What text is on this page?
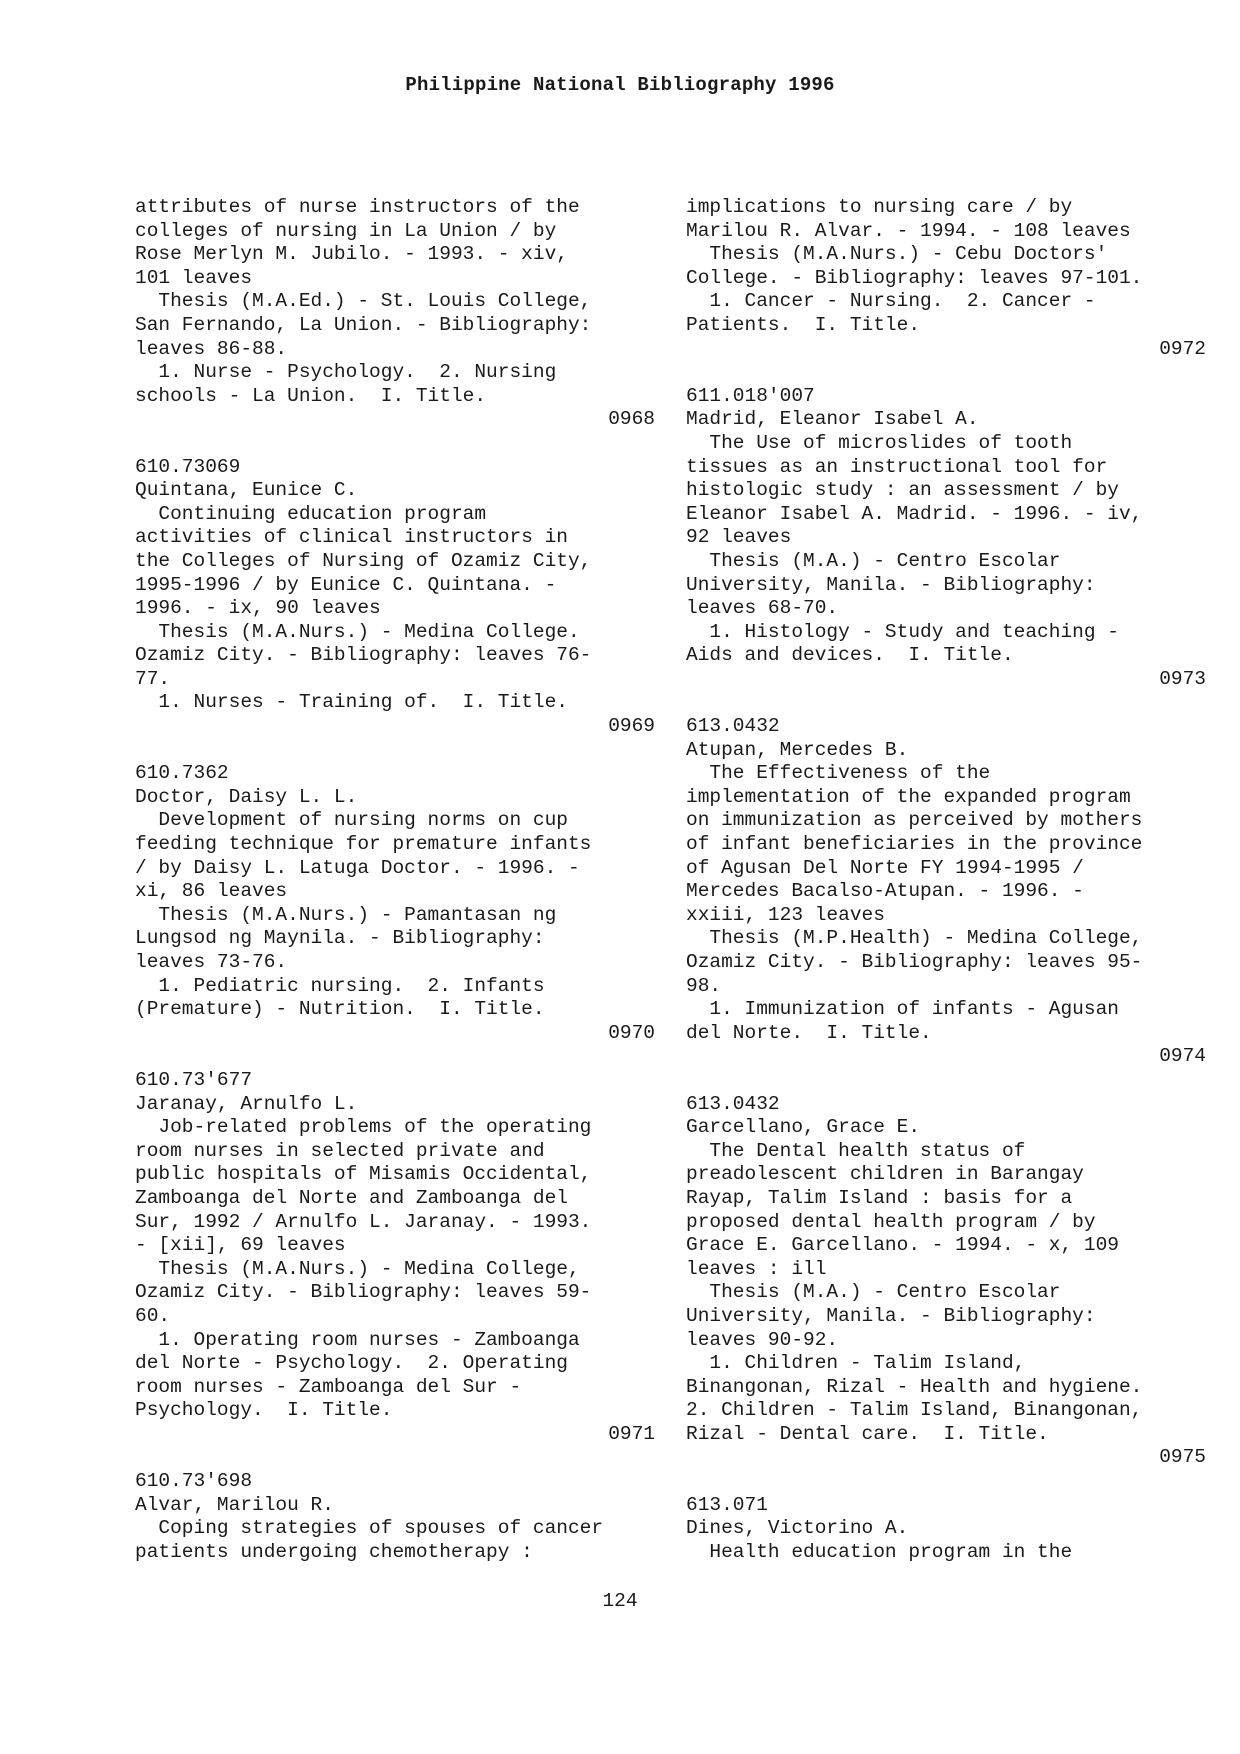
Philippine National Bibliography 1996
attributes of nurse instructors of the
colleges of nursing in La Union / by
Rose Merlyn M. Jubilo. - 1993. - xiv,
101 leaves
Thesis (M.A.Ed.) - St. Louis College,
San Fernando, La Union. - Bibliography:
leaves 86-88.
1. Nurse - Psychology.  2. Nursing
schools - La Union.  I. Title.
0968
610.73069
Quintana, Eunice C.
Continuing education program
activities of clinical instructors in
the Colleges of Nursing of Ozamiz City,
1995-1996 / by Eunice C. Quintana. -
1996. - ix, 90 leaves
Thesis (M.A.Nurs.) - Medina College.
Ozamiz City. - Bibliography: leaves 76-
77.
1. Nurses - Training of.  I. Title.
0969
610.7362
Doctor, Daisy L. L.
Development of nursing norms on cup
feeding technique for premature infants
/ by Daisy L. Latuga Doctor. - 1996. -
xi, 86 leaves
Thesis (M.A.Nurs.) - Pamantasan ng
Lungsod ng Maynila. - Bibliography:
leaves 73-76.
1. Pediatric nursing.  2. Infants
(Premature) - Nutrition.  I. Title.
0970
610.73'677
Jaranay, Arnulfo L.
Job-related problems of the operating
room nurses in selected private and
public hospitals of Misamis Occidental,
Zamboanga del Norte and Zamboanga del
Sur, 1992 / Arnulfo L. Jaranay. - 1993.
- [xii], 69 leaves
Thesis (M.A.Nurs.) - Medina College,
Ozamiz City. - Bibliography: leaves 59-
60.
1. Operating room nurses - Zamboanga
del Norte - Psychology.  2. Operating
room nurses - Zamboanga del Sur -
Psychology.  I. Title.
0971
610.73'698
Alvar, Marilou R.
Coping strategies of spouses of cancer
patients undergoing chemotherapy :
implications to nursing care / by
Marilou R. Alvar. - 1994. - 108 leaves
Thesis (M.A.Nurs.) - Cebu Doctors'
College. - Bibliography: leaves 97-101.
1. Cancer - Nursing.  2. Cancer -
Patients.  I. Title.
0972
611.018'007
Madrid, Eleanor Isabel A.
The Use of microslides of tooth
tissues as an instructional tool for
histologic study : an assessment / by
Eleanor Isabel A. Madrid. - 1996. - iv,
92 leaves
Thesis (M.A.) - Centro Escolar
University, Manila. - Bibliography:
leaves 68-70.
1. Histology - Study and teaching -
Aids and devices.  I. Title.
0973
613.0432
Atupan, Mercedes B.
The Effectiveness of the
implementation of the expanded program
on immunization as perceived by mothers
of infant beneficiaries in the province
of Agusan Del Norte FY 1994-1995 /
Mercedes Bacalso-Atupan. - 1996. -
xxiii, 123 leaves
Thesis (M.P.Health) - Medina College,
Ozamiz City. - Bibliography: leaves 95-
98.
1. Immunization of infants - Agusan
del Norte.  I. Title.
0974
613.0432
Garcellano, Grace E.
The Dental health status of
preadolescent children in Barangay
Rayap, Talim Island : basis for a
proposed dental health program / by
Grace E. Garcellano. - 1994. - x, 109
leaves : ill
Thesis (M.A.) - Centro Escolar
University, Manila. - Bibliography:
leaves 90-92.
1. Children - Talim Island,
Binangonan, Rizal - Health and hygiene.
2. Children - Talim Island, Binangonan,
Rizal - Dental care.  I. Title.
0975
613.071
Dines, Victorino A.
Health education program in the
124
